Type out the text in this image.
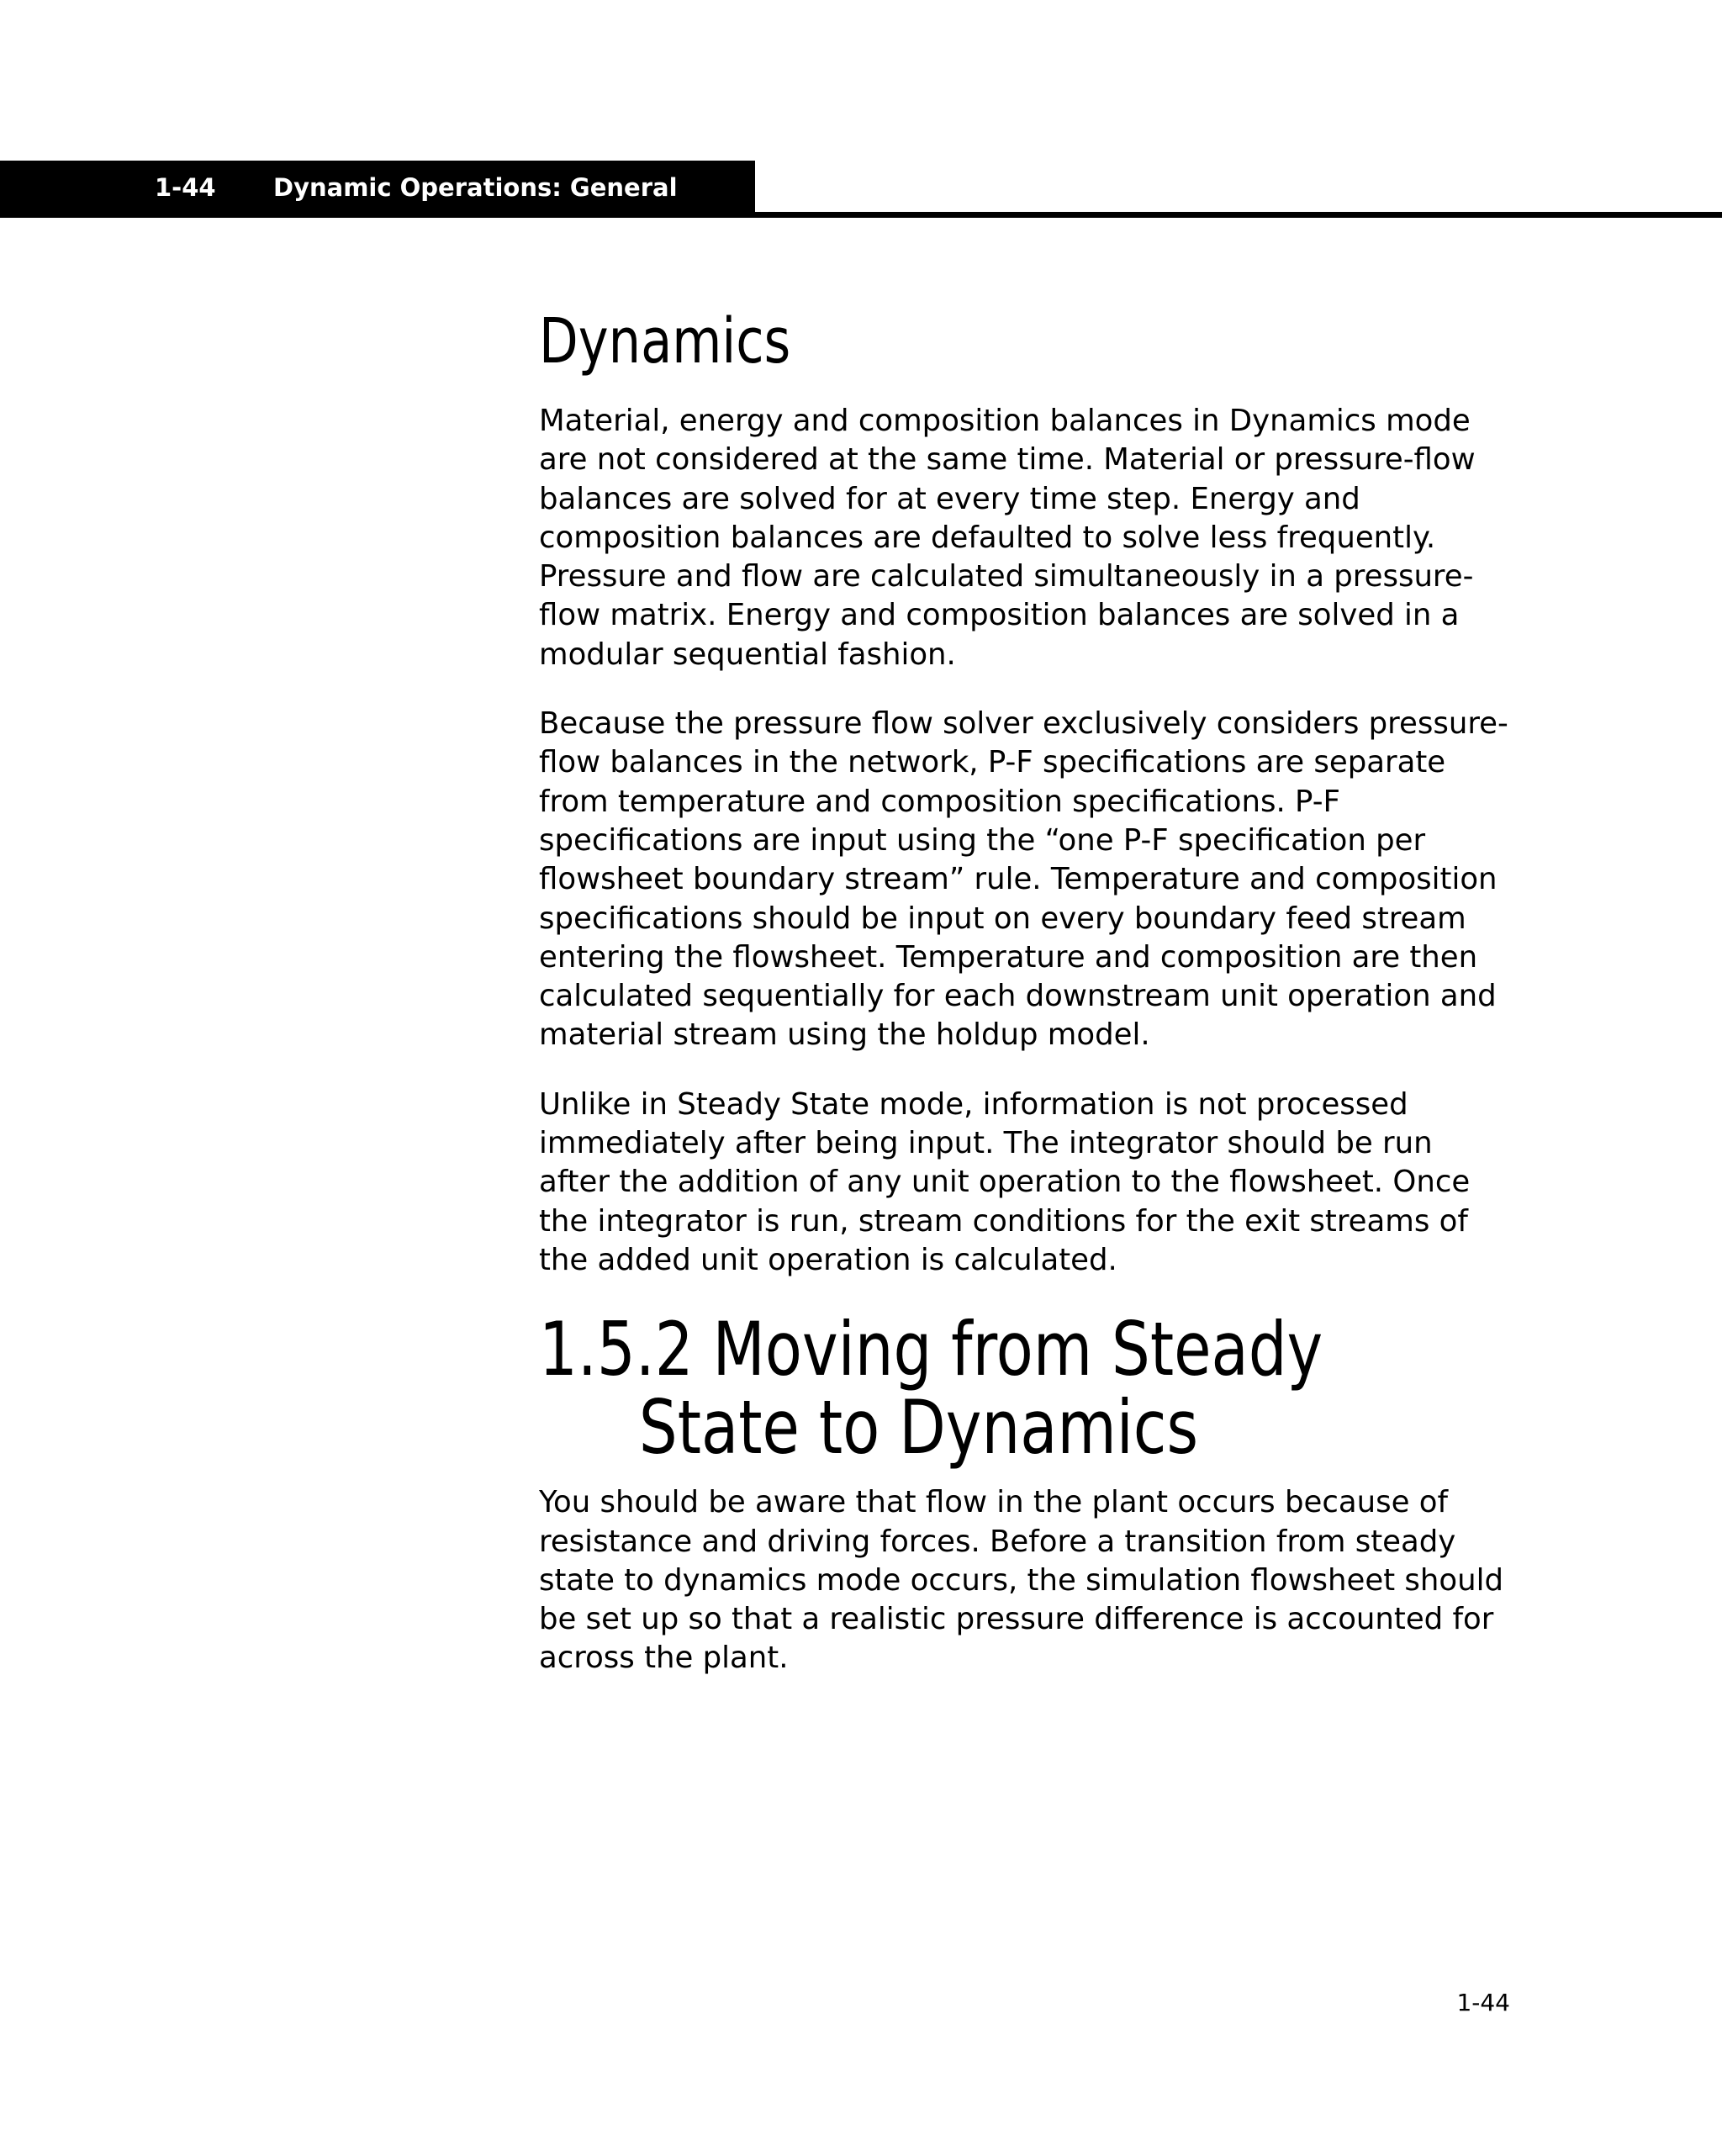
1-44 Dynamic Operations: General
Dynamics
Material, energy and composition balances in Dynamics mode
are not considered at the same time. Material or pressure-flow
balances are solved for at every time step. Energy and
composition balances are defaulted to solve less frequently.
Pressure and flow are calculated simultaneously in a pressure-
flow matrix. Energy and composition balances are solved in a
modular sequential fashion.
Because the pressure flow solver exclusively considers pressure-
flow balances in the network, P-F specifications are separate
from temperature and composition specifications. P-F
specifications are input using the “one P-F specification per
flowsheet boundary stream” rule. Temperature and composition
specifications should be input on every boundary feed stream
entering the flowsheet. Temperature and composition are then
calculated sequentially for each downstream unit operation and
material stream using the holdup model.
Unlike in Steady State mode, information is not processed
immediately after being input. The integrator should be run
after the addition of any unit operation to the flowsheet. Once
the integrator is run, stream conditions for the exit streams of
the added unit operation is calculated.
1.5.2 Moving from Steady
State to Dynamics
You should be aware that flow in the plant occurs because of
resistance and driving forces. Before a transition from steady
state to dynamics mode occurs, the simulation flowsheet should
be set up so that a realistic pressure difference is accounted for
across the plant.
1-44
